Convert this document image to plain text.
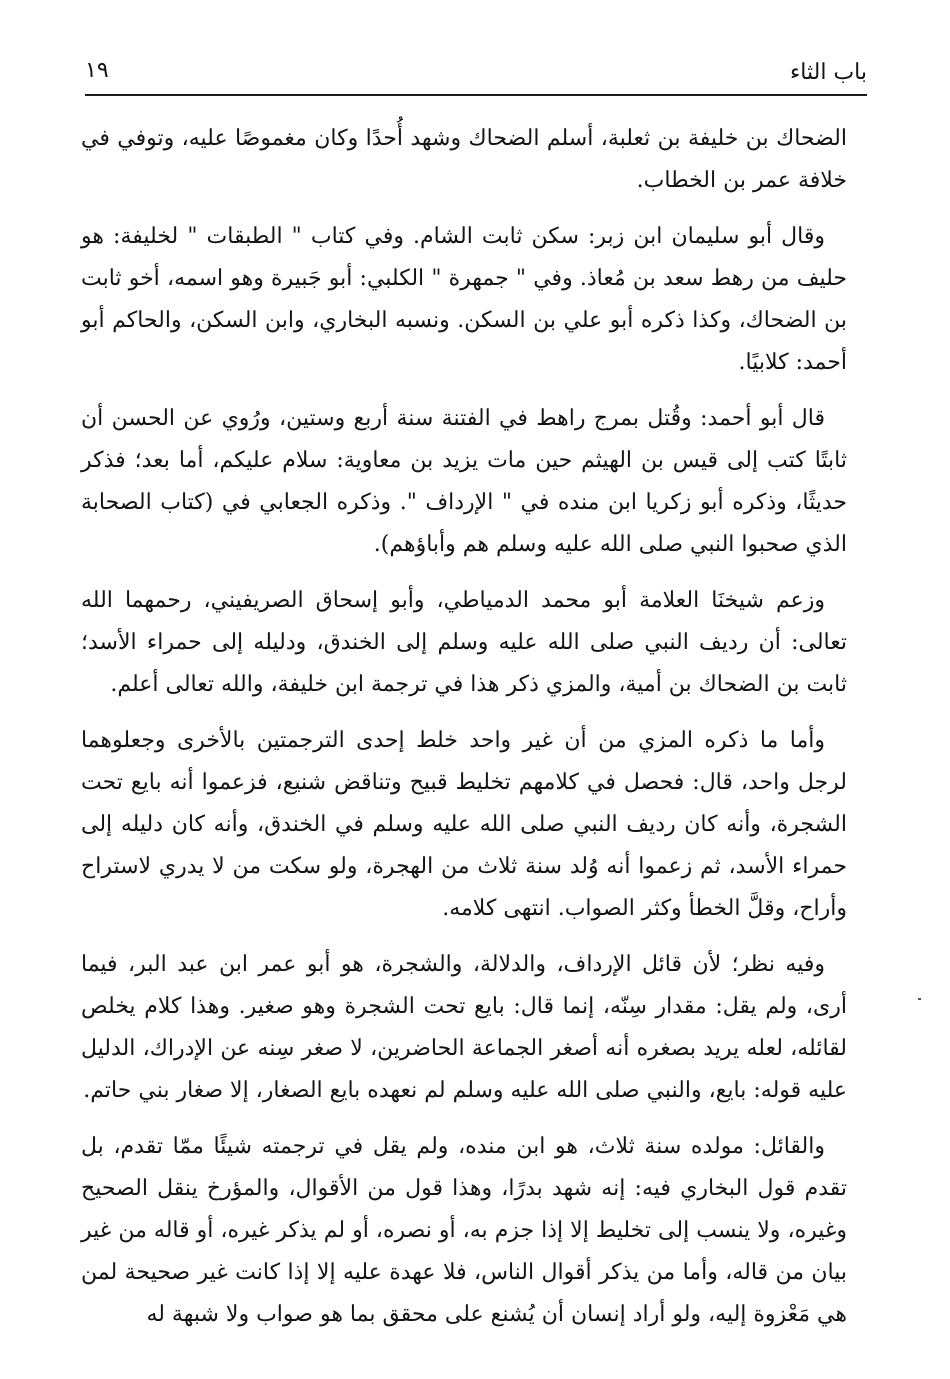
باب الثاء
١٩

الضحاك بن خليفة بن ثعلبة، أسلم الضحاك وشهد أُحدًا وكان مغموصًا عليه، وتوفي في خلافة عمر بن الخطاب.

وقال أبو سليمان ابن زبر: سكن ثابت الشام. وفي كتاب " الطبقات " لخليفة: هو حليف من رهط سعد بن مُعاذ. وفي " جمهرة " الكلبي: أبو جَبيرة وهو اسمه، أخو ثابت بن الضحاك، وكذا ذكره أبو علي بن السكن. ونسبه البخاري، وابن السكن، والحاكم أبو أحمد: كلابيًا.

قال أبو أحمد: وقُتل بمرج راهط في الفتنة سنة أربع وستين، ورُوي عن الحسن أن ثابتًا كتب إلى قيس بن الهيثم حين مات يزيد بن معاوية: سلام عليكم، أما بعد؛ فذكر حديثًا، وذكره أبو زكريا ابن منده في " الإرداف ". وذكره الجعابي في (كتاب الصحابة الذي صحبوا النبي صلى الله عليه وسلم هم وأباؤهم).

وزعم شيخنَا العلامة أبو محمد الدمياطي، وأبو إسحاق الصريفيني، رحمهما الله تعالى: أن رديف النبي صلى الله عليه وسلم إلى الخندق، ودليله إلى حمراء الأسد؛ ثابت بن الضحاك بن أمية، والمزي ذكر هذا في ترجمة ابن خليفة، والله تعالى أعلم.

وأما ما ذكره المزي من أن غير واحد خلط إحدى الترجمتين بالأخرى وجعلوهما لرجل واحد، قال: فحصل في كلامهم تخليط قبيح وتناقض شنيع، فزعموا أنه بايع تحت الشجرة، وأنه كان رديف النبي صلى الله عليه وسلم في الخندق، وأنه كان دليله إلى حمراء الأسد، ثم زعموا أنه وُلد سنة ثلاث من الهجرة، ولو سكت من لا يدري لاستراح وأراح، وقلَّ الخطأ وكثر الصواب. انتهى كلامه.

وفيه نظر؛ لأن قائل الإرداف، والدلالة، والشجرة، هو أبو عمر ابن عبد البر، فيما أرى، ولم يقل: مقدار سِنّه، إنما قال: بايع تحت الشجرة وهو صغير. وهذا كلام يخلص لقائله، لعله يريد بصغره أنه أصغر الجماعة الحاضرين، لا صغر سِنه عن الإدراك، الدليل عليه قوله: بايع، والنبي صلى الله عليه وسلم لم نعهده بايع الصغار، إلا صغار بني حاتم.

والقائل: مولده سنة ثلاث، هو ابن منده، ولم يقل في ترجمته شيئًا ممّا تقدم، بل تقدم قول البخاري فيه: إنه شهد بدرًا، وهذا قول من الأقوال، والمؤرخ ينقل الصحيح وغيره، ولا ينسب إلى تخليط إلا إذا جزم به، أو نصره، أو لم يذكر غيره، أو قاله من غير بيان من قاله، وأما من يذكر أقوال الناس، فلا عهدة عليه إلا إذا كانت غير صحيحة لمن هي مَعْزوة إليه، ولو أراد إنسان أن يُشنع على محقق بما هو صواب ولا شبهة له
